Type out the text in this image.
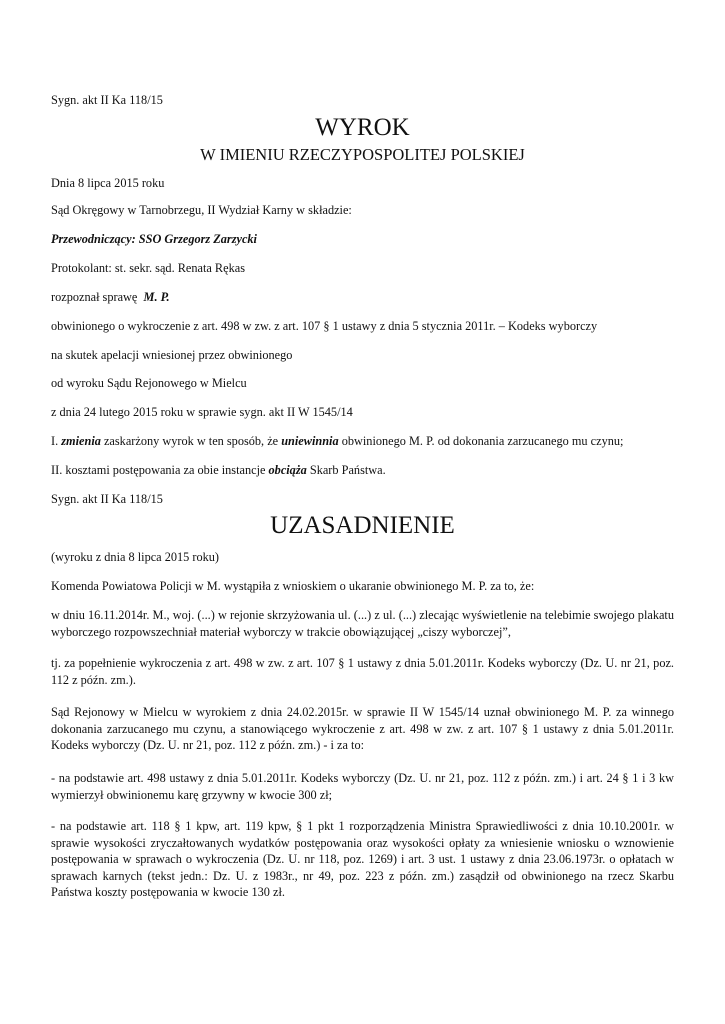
Sygn. akt II Ka 118/15

WYROK
W IMIENIU RZECZYPOSPOLITEJ POLSKIEJ

Dnia 8 lipca 2015 roku

Sąd Okręgowy w Tarnobrzegu, II Wydział Karny w składzie:

Przewodniczący: SSO Grzegorz Zarzycki

Protokolant: st. sekr. sąd. Renata Rękas

rozpoznał sprawę M. P.

obwinionego o wykroczenie z art. 498 w zw. z art. 107 § 1 ustawy z dnia 5 stycznia 2011r. – Kodeks wyborczy

na skutek apelacji wniesionej przez obwinionego

od wyroku Sądu Rejonowego w Mielcu

z dnia 24 lutego 2015 roku w sprawie sygn. akt II W 1545/14

I. zmienia zaskarżony wyrok w ten sposób, że uniewinnia obwinionego M. P. od dokonania zarzucanego mu czynu;

II. kosztami postępowania za obie instancje obciąża Skarb Państwa.

Sygn. akt II Ka 118/15

UZASADNIENIE

(wyroku z dnia 8 lipca 2015 roku)

Komenda Powiatowa Policji w M. wystąpiła z wnioskiem o ukaranie obwinionego M. P. za to, że:

w dniu 16.11.2014r. M., woj. (...) w rejonie skrzyżowania ul. (...) z ul. (...) zlecając wyświetlenie na telebimie swojego plakatu wyborczego rozpowszechniał materiał wyborczy w trakcie obowiązującej „ciszy wyborczej”,

tj. za popełnienie wykroczenia z art. 498 w zw. z art. 107 § 1 ustawy z dnia 5.01.2011r. Kodeks wyborczy (Dz. U. nr 21, poz. 112 z późn. zm.).

Sąd Rejonowy w Mielcu w wyrokiem z dnia 24.02.2015r. w sprawie II W 1545/14 uznał obwinionego M. P. za winnego dokonania zarzucanego mu czynu, a stanowiącego wykroczenie z art. 498 w zw. z art. 107 § 1 ustawy z dnia 5.01.2011r. Kodeks wyborczy (Dz. U. nr 21, poz. 112 z późn. zm.) - i za to:

- na podstawie art. 498 ustawy z dnia 5.01.2011r. Kodeks wyborczy (Dz. U. nr 21, poz. 112 z późn. zm.) i art. 24 § 1 i 3 kw wymierzył obwinionemu karę grzywny w kwocie 300 zł;

- na podstawie art. 118 § 1 kpw, art. 119 kpw, § 1 pkt 1 rozporządzenia Ministra Sprawiedliwości z dnia 10.10.2001r. w sprawie wysokości zryczałtowanych wydatków postępowania oraz wysokości opłaty za wniesienie wniosku o wznowienie postępowania w sprawach o wykroczenia (Dz. U. nr 118, poz. 1269) i art. 3 ust. 1 ustawy z dnia 23.06.1973r. o opłatach w sprawach karnych (tekst jedn.: Dz. U. z 1983r., nr 49, poz. 223 z późn. zm.) zasądził od obwinionego na rzecz Skarbu Państwa koszty postępowania w kwocie 130 zł.
